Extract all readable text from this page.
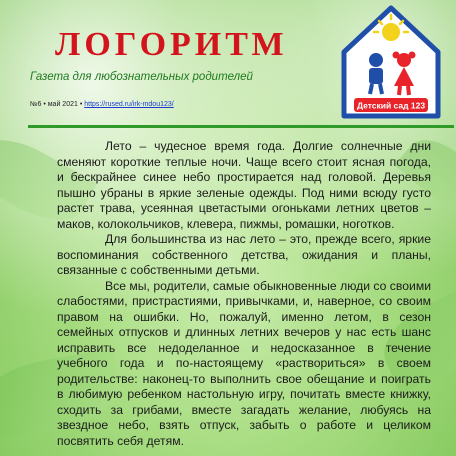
ЛОГОРИТМ

Газета для любознательных родителей

№6 • май 2021 • https://rused.ru/irk-mdou123/	Детский сад 123

Лето – чудесное время года. Долгие солнечные дни сменяют короткие теплые ночи. Чаще всего стоит ясная погода, и бескрайнее синее небо простирается над головой. Деревья пышно убраны в яркие зеленые одежды. Под ними всюду густо растет трава, усеянная цветастыми огоньками летних цветов – маков, колокольчиков, клевера, пижмы, ромашки, ноготков.

Для большинства из нас лето – это, прежде всего, яркие воспоминания собственного детства, ожидания и планы, связанные с собственными детьми.

Все мы, родители, самые обыкновенные люди со своими слабостями, пристрастиями, привычками, и, наверное, со своим правом на ошибки. Но, пожалуй, именно летом, в сезон семейных отпусков и длинных летних вечеров у нас есть шанс исправить все недоделанное и недосказанное в течение учебного года и по-настоящему «раствориться» в своем родительстве: наконец-то выполнить свое обещание и поиграть в любимую ребенком настольную игру, почитать вместе книжку, сходить за грибами, вместе загадать желание, любуясь на звездное небо, взять отпуск, забыть о работе и целиком посвятить себя детям.
